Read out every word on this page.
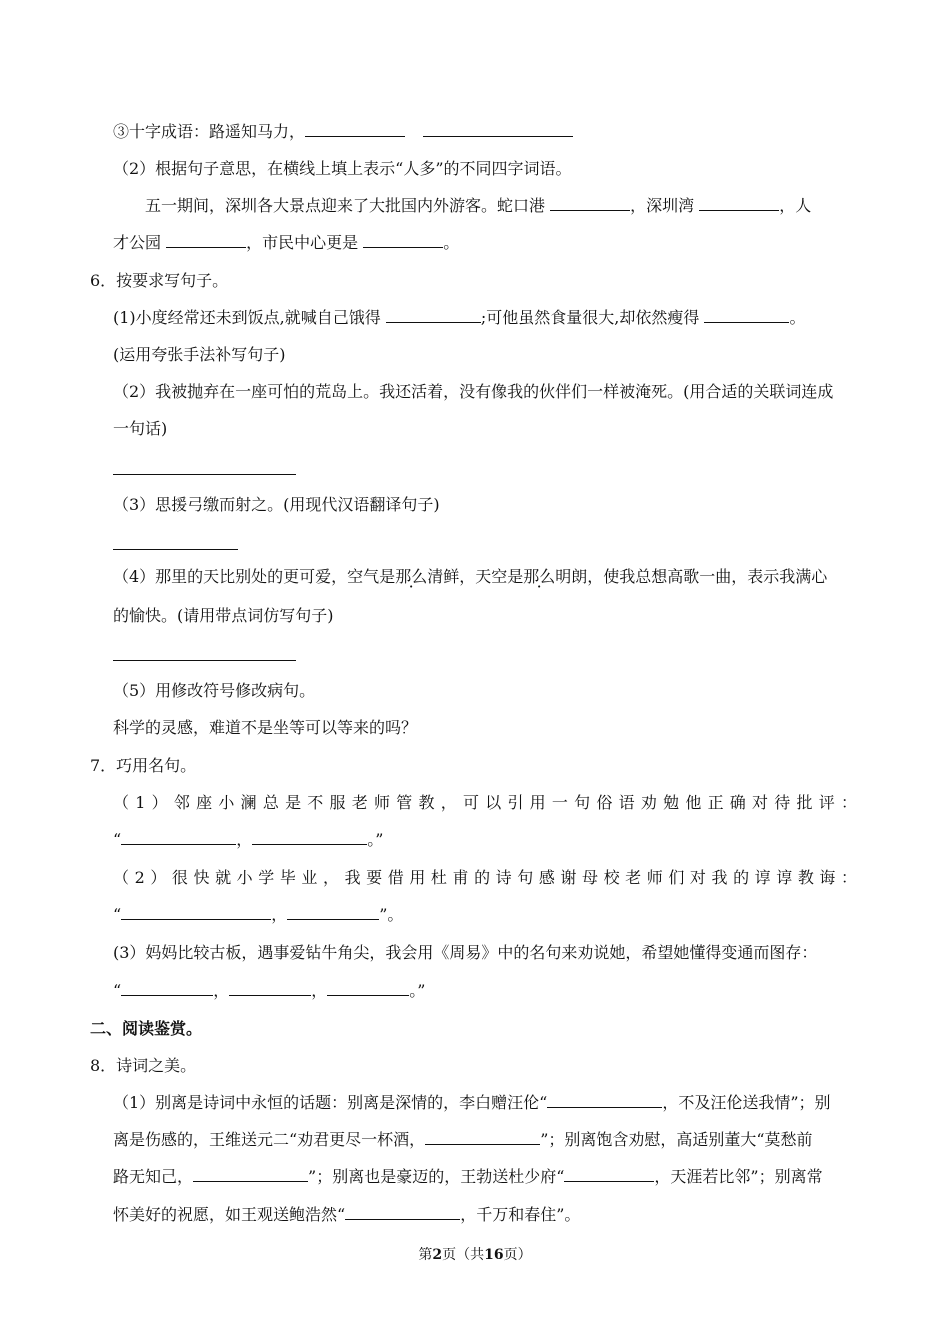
③十字成语：路遥知马力，
（2）根据句子意思，在横线上填上表示“人多”的不同四字词语。
五一期间，深圳各大景点迎来了大批国内外游客。蛇口港	，深圳湾	，人
才公园	，市民中心更是	。
6．按要求写句子。
(1)小度经常还未到饭点,就喊自己饿得	;可他虽然食量很大,却依然瘦得	。
(运用夸张手法补写句子)
（2）我被抛弃在一座可怕的荒岛上。我还活着，没有像我的伙伴们一样被淹死。(用合适的关联词连成
一句话)
（3）思援弓缴而射之。(用现代汉语翻译句子)
（4）那里的天比别处的更可爱，空气是那么清鲜，天空是那么明朗，使我总想高歌一曲，表示我满心
的愉快。(请用带点词仿写句子)
（5）用修改符号修改病句。
科学的灵感，难道不是坐等可以等来的吗？
7．巧用名句。
（1）邻座小澜总是不服老师管教，可以引用一句俗语劝勉他正确对待批评：
“	，	。”
（2）很快就小学毕业，我要借用杜甫的诗句感谢母校老师们对我的谆谆教诲：
“	，	”。
(3）妈妈比较古板，遇事爱钻牛角尖，我会用《周易》中的名句来劝说她，希望她懂得变通而图存：
“	，	，	。”
二、阅读鉴赏。
8．诗词之美。
（1）别离是诗词中永恒的话题：别离是深情的，李白赠汪伦“	，不及汪伦送我情”；别
离是伤感的，王维送元二“劝君更尽一杯酒，	”；别离饱含劝慰，高适别董大“莫愁前
路无知己，	”；别离也是豪迈的，王勃送杜少府“	，天涯若比邻”；别离常
怀美好的祝愿，如王观送鲍浩然“	，千万和春住”。
第2页（共16页）
